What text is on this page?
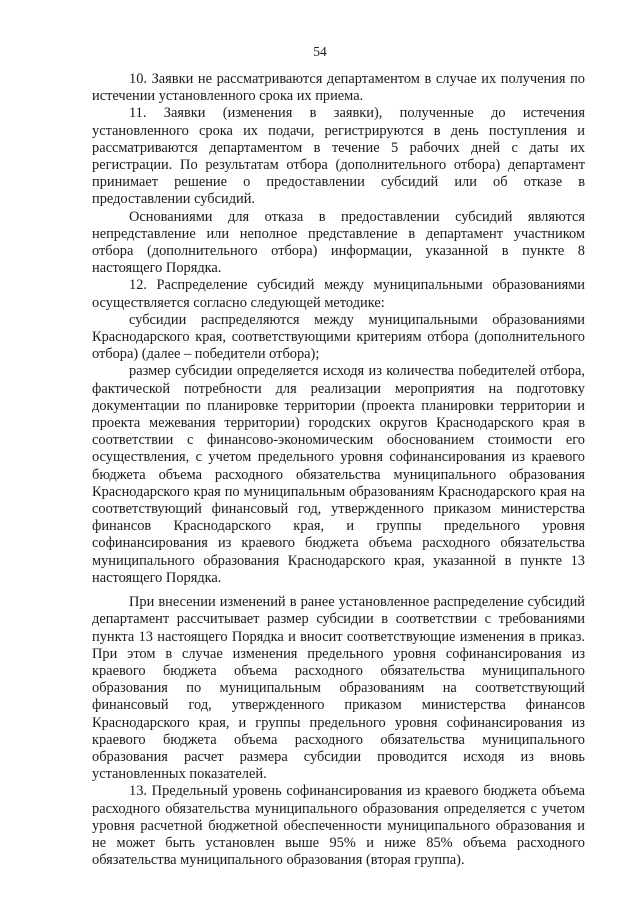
54

10. Заявки не рассматриваются департаментом в случае их получения по истечении установленного срока их приема.

11. Заявки (изменения в заявки), полученные до истечения установленного срока их подачи, регистрируются в день поступления и рассматриваются департаментом в течение 5 рабочих дней с даты их регистрации. По результатам отбора (дополнительного отбора) департамент принимает решение о предоставлении субсидий или об отказе в предоставлении субсидий.

Основаниями для отказа в предоставлении субсидий являются непредставление или неполное представление в департамент участником отбора (дополнительного отбора) информации, указанной в пункте 8 настоящего Порядка.

12. Распределение субсидий между муниципальными образованиями осуществляется согласно следующей методике:

субсидии распределяются между муниципальными образованиями Краснодарского края, соответствующими критериям отбора (дополнительного отбора) (далее – победители отбора);

размер субсидии определяется исходя из количества победителей отбора, фактической потребности для реализации мероприятия на подготовку документации по планировке территории (проекта планировки территории и проекта межевания территории) городских округов Краснодарского края в соответствии с финансово-экономическим обоснованием стоимости его осуществления, с учетом предельного уровня софинансирования из краевого бюджета объема расходного обязательства муниципального образования Краснодарского края по муниципальным образованиям Краснодарского края на соответствующий финансовый год, утвержденного приказом министерства финансов Краснодарского края, и группы предельного уровня софинансирования из краевого бюджета объема расходного обязательства муниципального образования Краснодарского края, указанной в пункте 13 настоящего Порядка.

При внесении изменений в ранее установленное распределение субсидий департамент рассчитывает размер субсидии в соответствии с требованиями пункта 13 настоящего Порядка и вносит соответствующие изменения в приказ. При этом в случае изменения предельного уровня софинансирования из краевого бюджета объема расходного обязательства муниципального образования по муниципальным образованиям на соответствующий финансовый год, утвержденного приказом министерства финансов Краснодарского края, и группы предельного уровня софинансирования из краевого бюджета объема расходного обязательства муниципального образования расчет размера субсидии проводится исходя из вновь установленных показателей.

13. Предельный уровень софинансирования из краевого бюджета объема расходного обязательства муниципального образования определяется с учетом уровня расчетной бюджетной обеспеченности муниципального образования и не может быть установлен выше 95% и ниже 85% объема расходного обязательства муниципального образования (вторая группа).
